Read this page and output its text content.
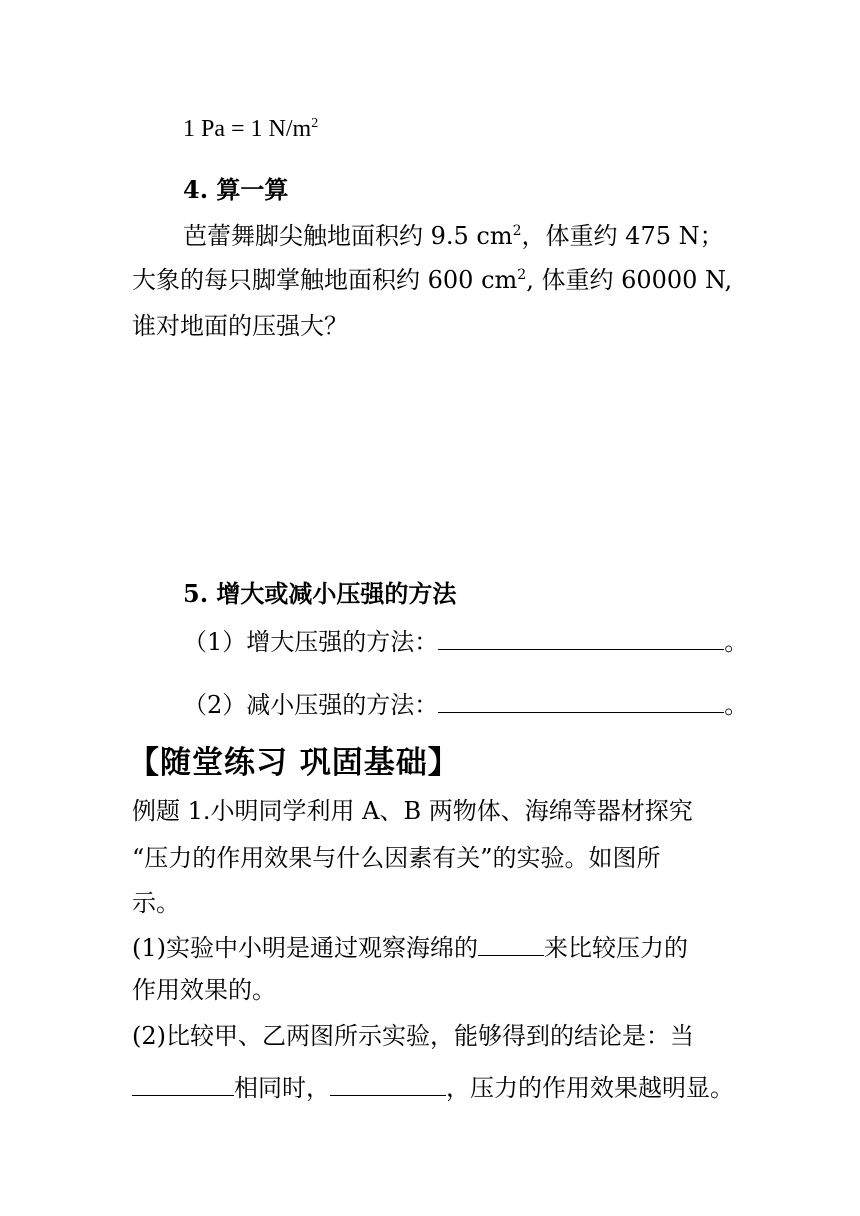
1 Pa = 1 $N/m^2$
4. 算一算
芭蕾舞脚尖触地面积约 9.5 $cm^2$，体重约 475 N；
大象的每只脚掌触地面积约 600 $cm^2$, 体重约 60000 N,
谁对地面的压强大？
5. 增大或减小压强的方法
（1）增大压强的方法：	。
（2）减小压强的方法：	。
【随堂练习 巩固基础】
例题 1.小明同学利用 A、B 两物体、海绵等器材探究
“压力的作用效果与什么因素有关”的实验。如图所
示。
(1)实验中小明是通过观察海绵的	来比较压力的
作用效果的。
(2)比较甲、乙两图所示实验，能够得到的结论是：当
相同时，	，压力的作用效果越明显。
